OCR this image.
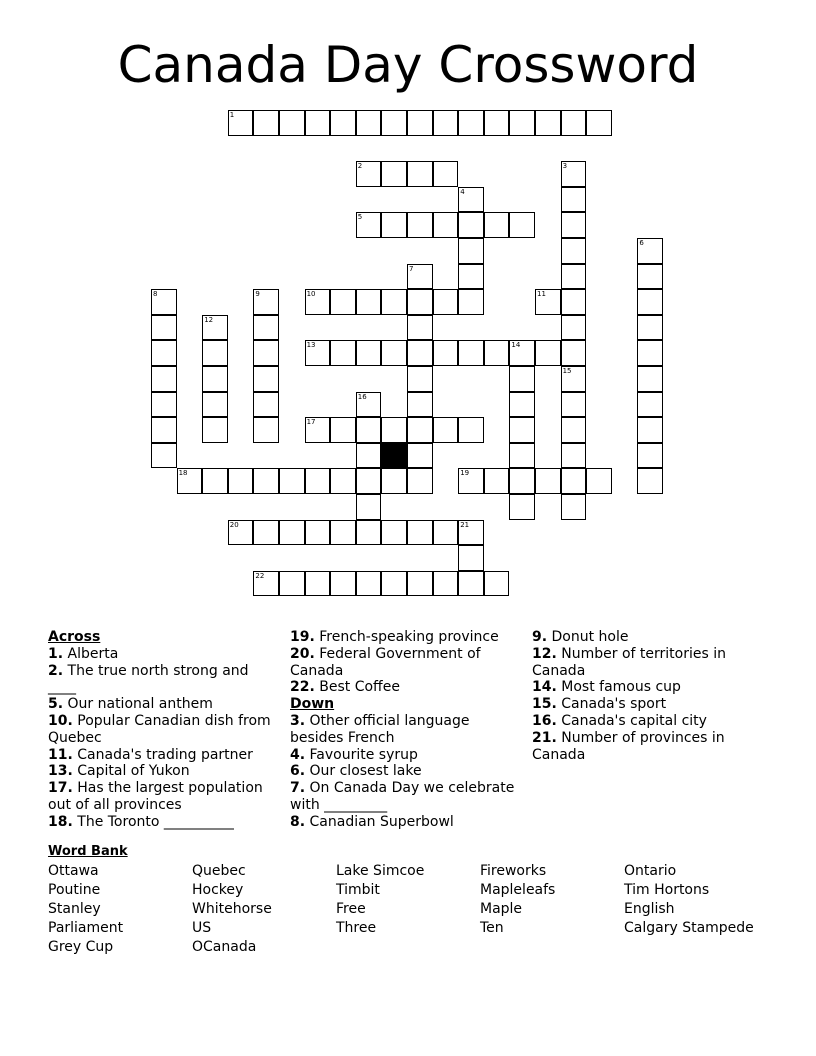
Canada Day Crossword
1
2	3
4
5
6
7
8	9	10	11
12
13	14
15
16
17
18	19
20	21
22
Across
1. Alberta
2. The true north strong and ____
5. Our national anthem
10. Popular Canadian dish from Quebec
11. Canada's trading partner
13. Capital of Yukon
17. Has the largest population out of all provinces
18. The Toronto __________
19. French-speaking province
20. Federal Government of Canada
22. Best Coffee
Down
3. Other official language besides French
4. Favourite syrup
6. Our closest lake
7. On Canada Day we celebrate with _________
8. Canadian Superbowl
9. Donut hole
12. Number of territories in Canada
14. Most famous cup
15. Canada's sport
16. Canada's capital city
21. Number of provinces in Canada
Word Bank
Ottawa
Poutine
Stanley
Parliament
Grey Cup
Quebec
Hockey
Whitehorse
US
OCanada
Lake Simcoe
Timbit
Free
Three
Fireworks
Mapleleafs
Maple
Ten
Ontario
Tim Hortons
English
Calgary Stampede
